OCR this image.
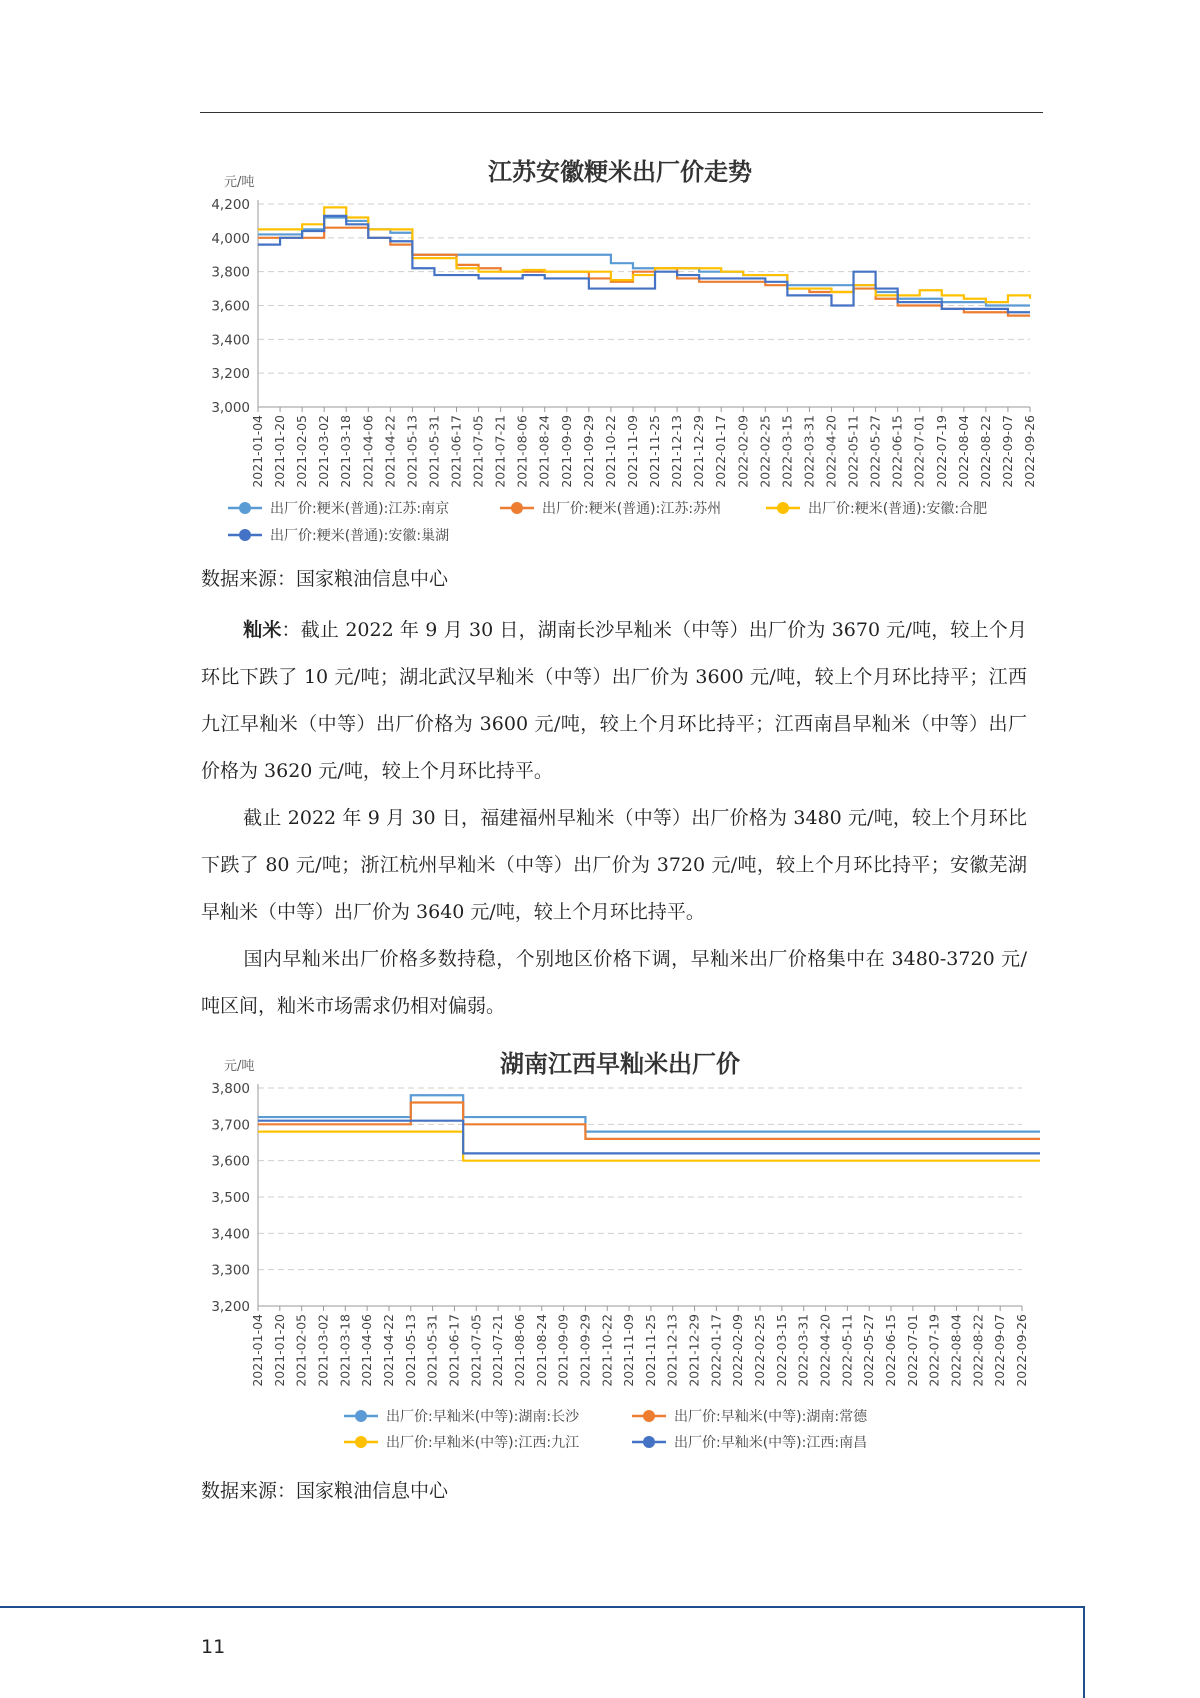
江苏安徽粳米出厂价走势
元/吨
3,000
3,200
3,400
3,600
3,800
4,000
4,200
2021-01-04 2021-01-20 2021-02-05 2021-03-02 2021-03-18 2021-04-06 2021-04-22 2021-05-13 2021-05-31 2021-06-17 2021-07-05 2021-07-21 2021-08-06 2021-08-24 2021-09-09 2021-09-29 2021-10-22 2021-11-09 2021-11-25 2021-12-13 2021-12-29 2022-01-17 2022-02-09 2022-02-25 2022-03-15 2022-03-31 2022-04-20 2022-05-11 2022-05-27 2022-06-15 2022-07-01 2022-07-19 2022-08-04 2022-08-22 2022-09-07 2022-09-26
出厂价:粳米(普通):江苏:南京	出厂价:粳米(普通):江苏:苏州	出厂价:粳米(普通):安徽:合肥
出厂价:粳米(普通):安徽:巢湖
数据来源：国家粮油信息中心

籼米：截止 2022 年 9 月 30 日，湖南长沙早籼米（中等）出厂价为 3670 元/吨，较上个月环比下跌了 10 元/吨；湖北武汉早籼米（中等）出厂价为 3600 元/吨，较上个月环比持平；江西九江早籼米（中等）出厂价格为 3600 元/吨，较上个月环比持平；江西南昌早籼米（中等）出厂价格为 3620 元/吨，较上个月环比持平。

截止 2022 年 9 月 30 日，福建福州早籼米（中等）出厂价格为 3480 元/吨，较上个月环比下跌了 80 元/吨；浙江杭州早籼米（中等）出厂价为 3720 元/吨，较上个月环比持平；安徽芜湖早籼米（中等）出厂价为 3640 元/吨，较上个月环比持平。

国内早籼米出厂价格多数持稳，个别地区价格下调，早籼米出厂价格集中在 3480-3720 元/吨区间，籼米市场需求仍相对偏弱。

湖南江西早籼米出厂价
元/吨
3,200
3,300
3,400
3,500
3,600
3,700
3,800
2021-01-04 2021-01-20 2021-02-05 2021-03-02 2021-03-18 2021-04-06 2021-04-22 2021-05-13 2021-05-31 2021-06-17 2021-07-05 2021-07-21 2021-08-06 2021-08-24 2021-09-09 2021-09-29 2021-10-22 2021-11-09 2021-11-25 2021-12-13 2021-12-29 2022-01-17 2022-02-09 2022-02-25 2022-03-15 2022-03-31 2022-04-20 2022-05-11 2022-05-27 2022-06-15 2022-07-01 2022-07-19 2022-08-04 2022-08-22 2022-09-07 2022-09-26
出厂价:早籼米(中等):湖南:长沙	出厂价:早籼米(中等):湖南:常德
出厂价:早籼米(中等):江西:九江	出厂价:早籼米(中等):江西:南昌
数据来源：国家粮油信息中心
11
